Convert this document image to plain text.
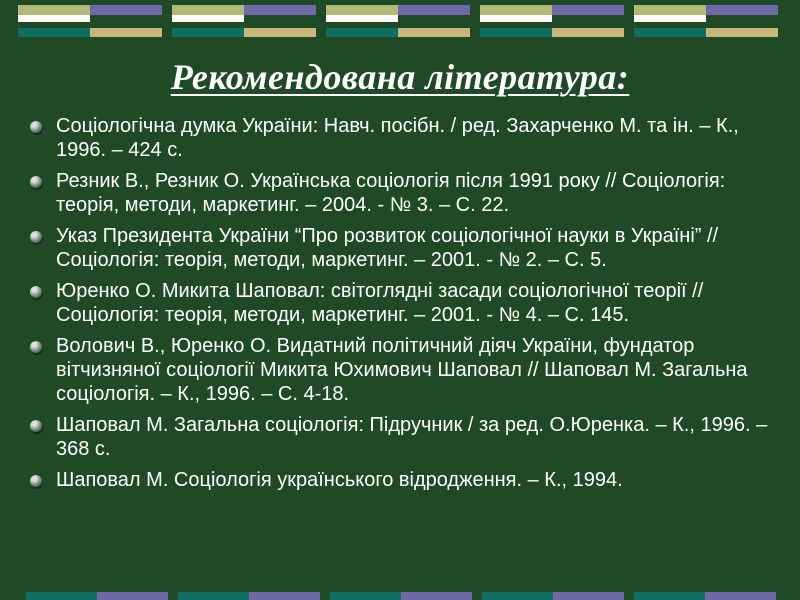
Рекомендована література:
Соціологічна думка України: Навч. посібн. / ред. Захарченко М. та ін. – К., 1996. – 424 с.
Резник В., Резник О. Українська соціологія після 1991 року // Соціологія: теорія, методи, маркетинг. – 2004. - № 3. – С. 22.
Указ Президента України “Про розвиток соціологічної науки в Україні” // Соціологія: теорія, методи, маркетинг. – 2001. - № 2. – С. 5.
Юренко О. Микита Шаповал: світоглядні засади соціологічної теорії // Соціологія: теорія, методи, маркетинг. – 2001. - № 4. – С. 145.
Волович В., Юренко О. Видатний політичний діяч України, фундатор вітчизняної соціології Микита Юхимович Шаповал // Шаповал М. Загальна соціологія. – К., 1996. – С. 4-18.
Шаповал М. Загальна соціологія: Підручник / за ред. О.Юренка. – К., 1996. – 368 с.
Шаповал М. Соціологія українського відродження. – К., 1994.
